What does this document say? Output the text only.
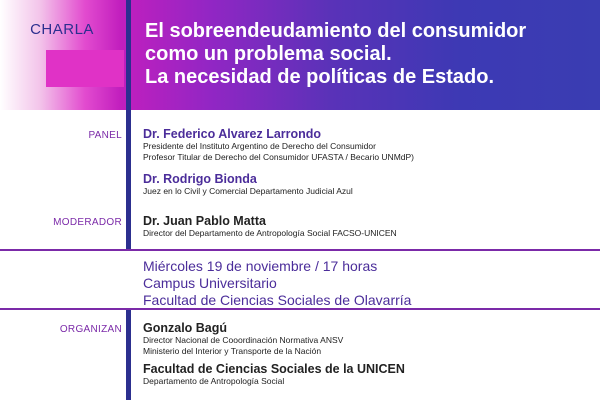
CHARLA	El sobreendeudamiento del consumidor
como un problema social.
La necesidad de políticas de Estado.
PANEL Dr. Federico Alvarez Larrondo
Presidente del Instituto Argentino de Derecho del Consumidor
Profesor Titular de Derecho del Consumidor UFASTA / Becario UNMdP)
Dr. Rodrigo Bionda
Juez en lo Civil y Comercial Departamento Judicial Azul
MODERADOR Dr. Juan Pablo Matta
Director del Departamento de Antropología Social FACSO-UNICEN
Miércoles 19 de noviembre / 17 horas
Campus Universitario
Facultad de Ciencias Sociales de Olavarría
ORGANIZAN Gonzalo Bagú
Director Nacional de Cooordinación Normativa ANSV
Ministerio del Interior y Transporte de la Nación
Facultad de Ciencias Sociales de la UNICEN
Departamento de Antropología Social
